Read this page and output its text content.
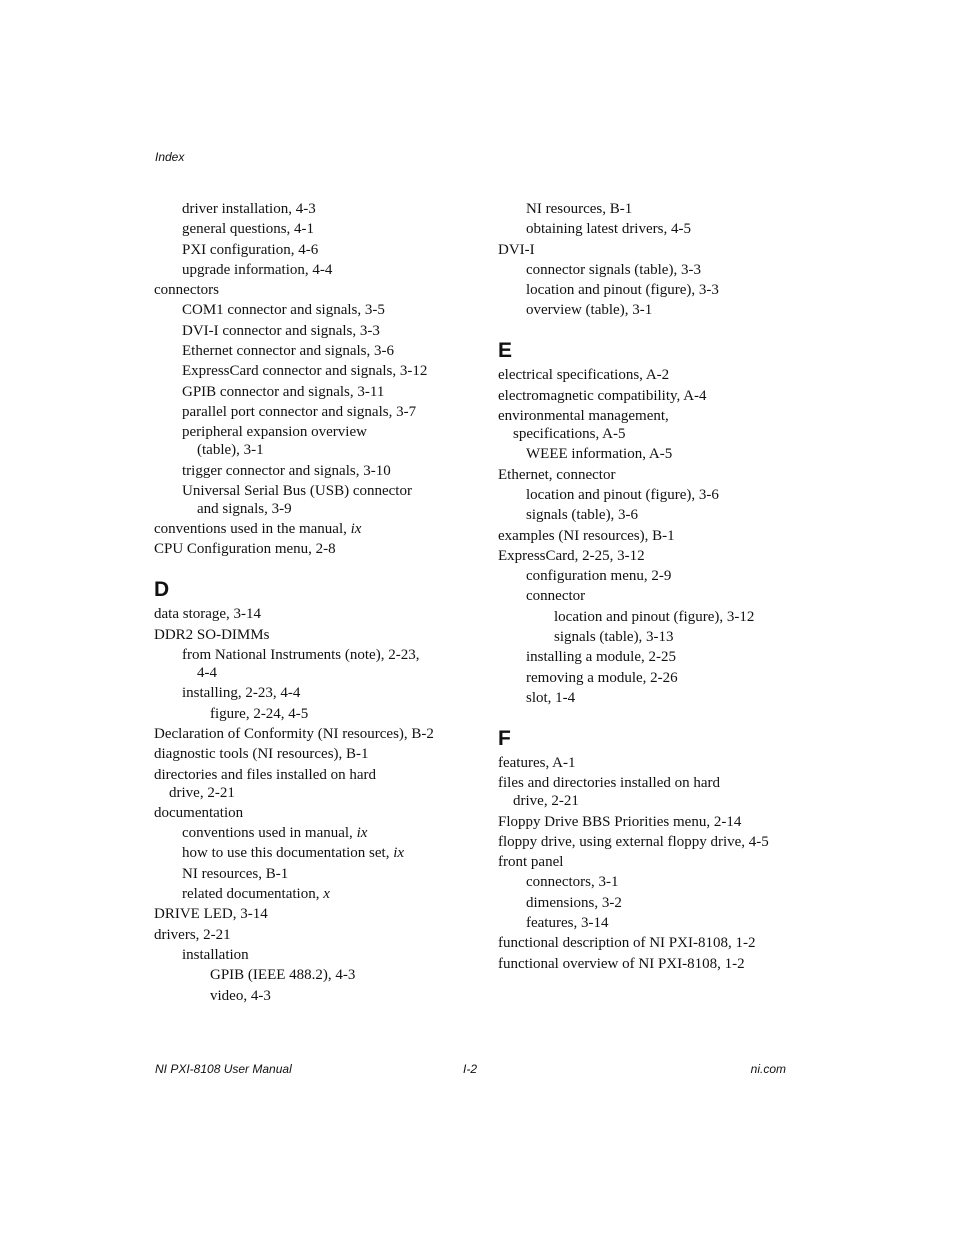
Index
driver installation, 4-3
general questions, 4-1
PXI configuration, 4-6
upgrade information, 4-4
connectors
COM1 connector and signals, 3-5
DVI-I connector and signals, 3-3
Ethernet connector and signals, 3-6
ExpressCard connector and signals, 3-12
GPIB connector and signals, 3-11
parallel port connector and signals, 3-7
peripheral expansion overview
(table), 3-1
trigger connector and signals, 3-10
Universal Serial Bus (USB) connector
and signals, 3-9
conventions used in the manual, ix
CPU Configuration menu, 2-8
D
data storage, 3-14
DDR2 SO-DIMMs
from National Instruments (note), 2-23,
4-4
installing, 2-23, 4-4
figure, 2-24, 4-5
Declaration of Conformity (NI resources), B-2
diagnostic tools (NI resources), B-1
directories and files installed on hard
drive, 2-21
documentation
conventions used in manual, ix
how to use this documentation set, ix
NI resources, B-1
related documentation, x
DRIVE LED, 3-14
drivers, 2-21
installation
GPIB (IEEE 488.2), 4-3
video, 4-3
NI resources, B-1
obtaining latest drivers, 4-5
DVI-I
connector signals (table), 3-3
location and pinout (figure), 3-3
overview (table), 3-1
E
electrical specifications, A-2
electromagnetic compatibility, A-4
environmental management,
specifications, A-5
WEEE information, A-5
Ethernet, connector
location and pinout (figure), 3-6
signals (table), 3-6
examples (NI resources), B-1
ExpressCard, 2-25, 3-12
configuration menu, 2-9
connector
location and pinout (figure), 3-12
signals (table), 3-13
installing a module, 2-25
removing a module, 2-26
slot, 1-4
F
features, A-1
files and directories installed on hard
drive, 2-21
Floppy Drive BBS Priorities menu, 2-14
floppy drive, using external floppy drive, 4-5
front panel
connectors, 3-1
dimensions, 3-2
features, 3-14
functional description of NI PXI-8108, 1-2
functional overview of NI PXI-8108, 1-2
NI PXI-8108 User Manual	I-2	ni.com
